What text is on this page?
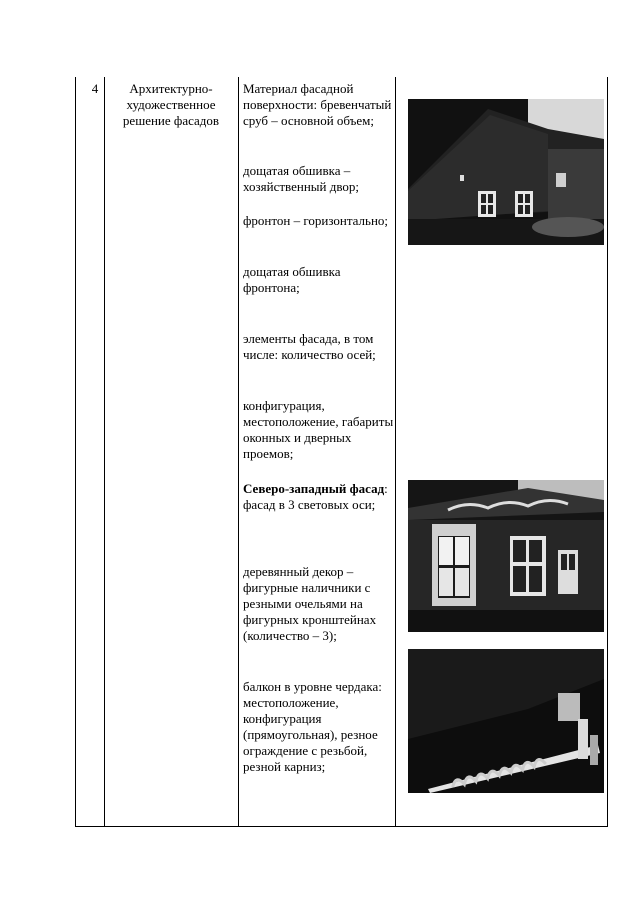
4	Архитектурно-художественное решение фасадов

Материал фасадной поверхности: бревенчатый сруб – основной объем;

дощатая обшивка – хозяйственный двор;

фронтон – горизонтально;

дощатая обшивка фронтона;

элементы фасада, в том числе: количество осей;

конфигурация, местоположение, габариты оконных и дверных проемов;

Северо-западный фасад:

фасад в 3 световых оси;

деревянный декор – фигурные наличники с резными очельями на фигурных кронштейнах (количество – 3);

балкон в уровне чердака: местоположение, конфигурация (прямоугольная), резное ограждение с резьбой, резной карниз;
